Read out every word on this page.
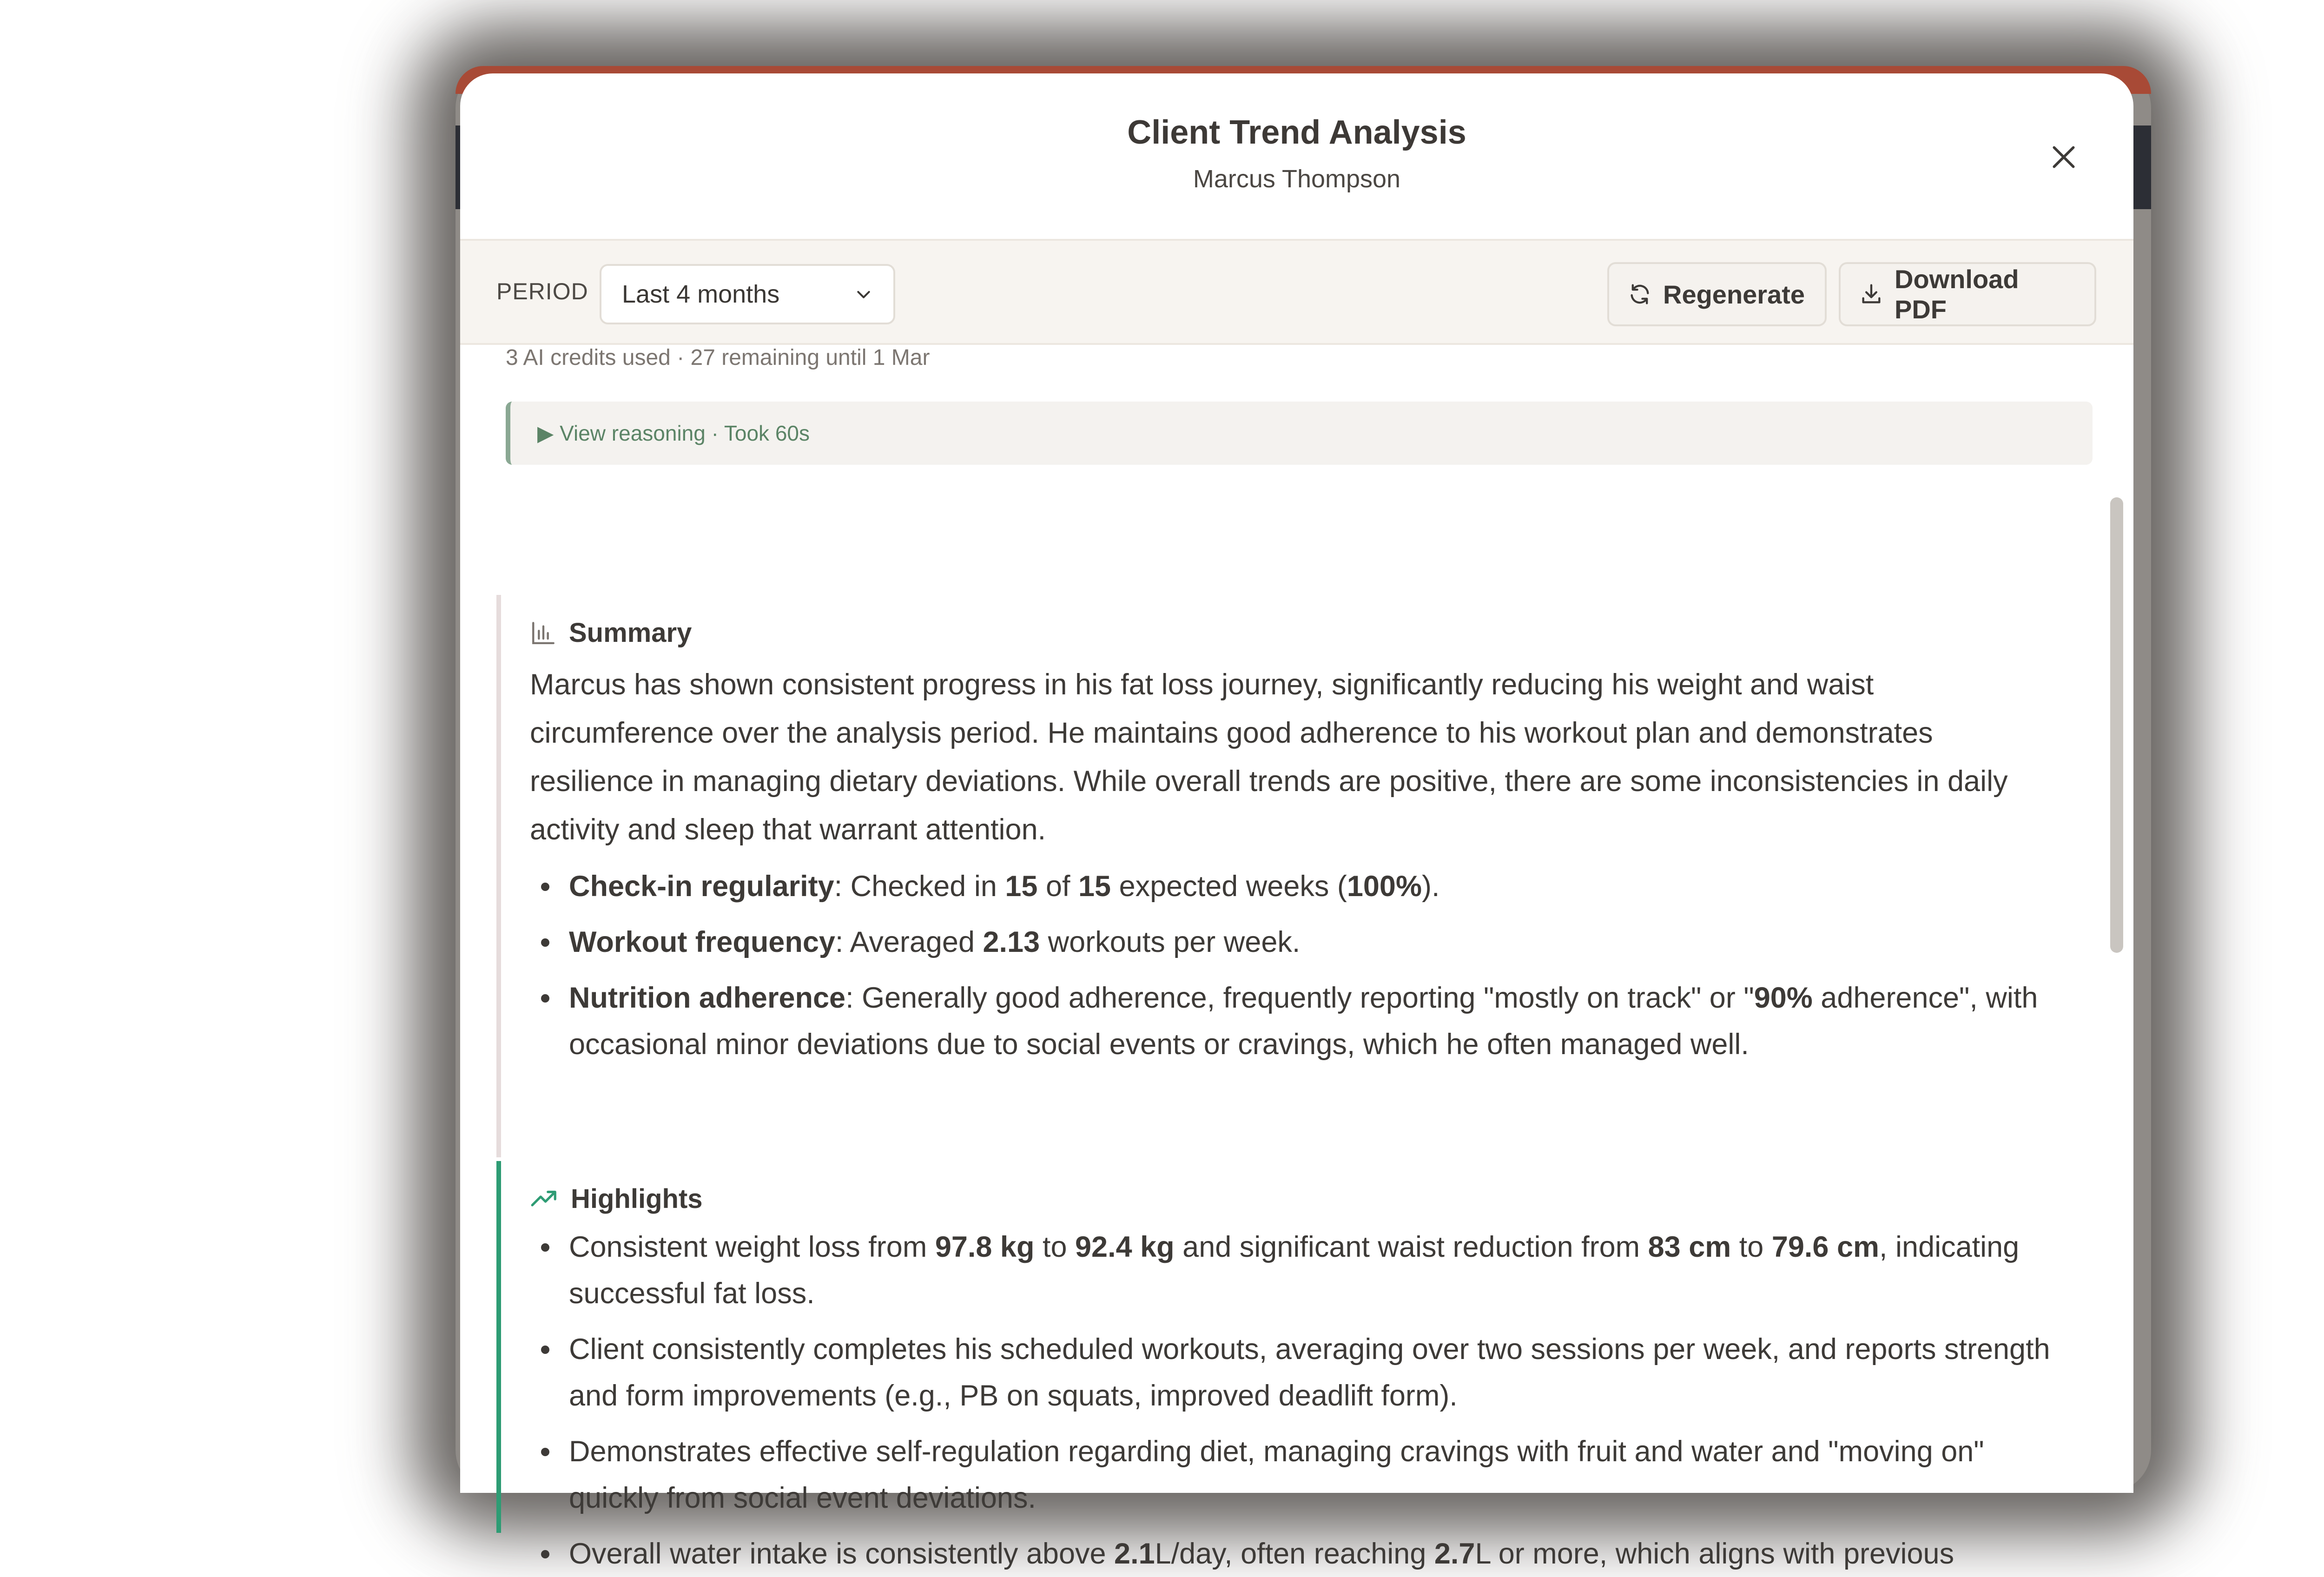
Client Trend Analysis
Marcus Thompson
PERIOD Last 4 months	Regenerate
Download PDF
3 AI credits used · 27 remaining until 1 Mar
▶ View reasoning · Took 60s
Summary

Marcus has shown consistent progress in his fat loss journey, significantly reducing his weight and waist circumference over the analysis period. He maintains good adherence to his workout plan and demonstrates resilience in managing dietary deviations. While overall trends are positive, there are some inconsistencies in daily activity and sleep that warrant attention.

Check-in regularity: Checked in 15 of 15 expected weeks (100%).
Workout frequency: Averaged 2.13 workouts per week.
Nutrition adherence: Generally good adherence, frequently reporting "mostly on track" or "90% adherence", with occasional minor deviations due to social events or cravings, which he often managed well.
Highlights
Consistent weight loss from 97.8 kg to 92.4 kg and significant waist reduction from 83 cm to 79.6 cm, indicating successful fat loss.
Client consistently completes his scheduled workouts, averaging over two sessions per week, and reports strength and form improvements (e.g., PB on squats, improved deadlift form).
Demonstrates effective self-regulation regarding diet, managing cravings with fruit and water and "moving on" quickly from social event deviations.
Overall water intake is consistently above 2.1L/day, often reaching 2.7L or more, which aligns with previous
